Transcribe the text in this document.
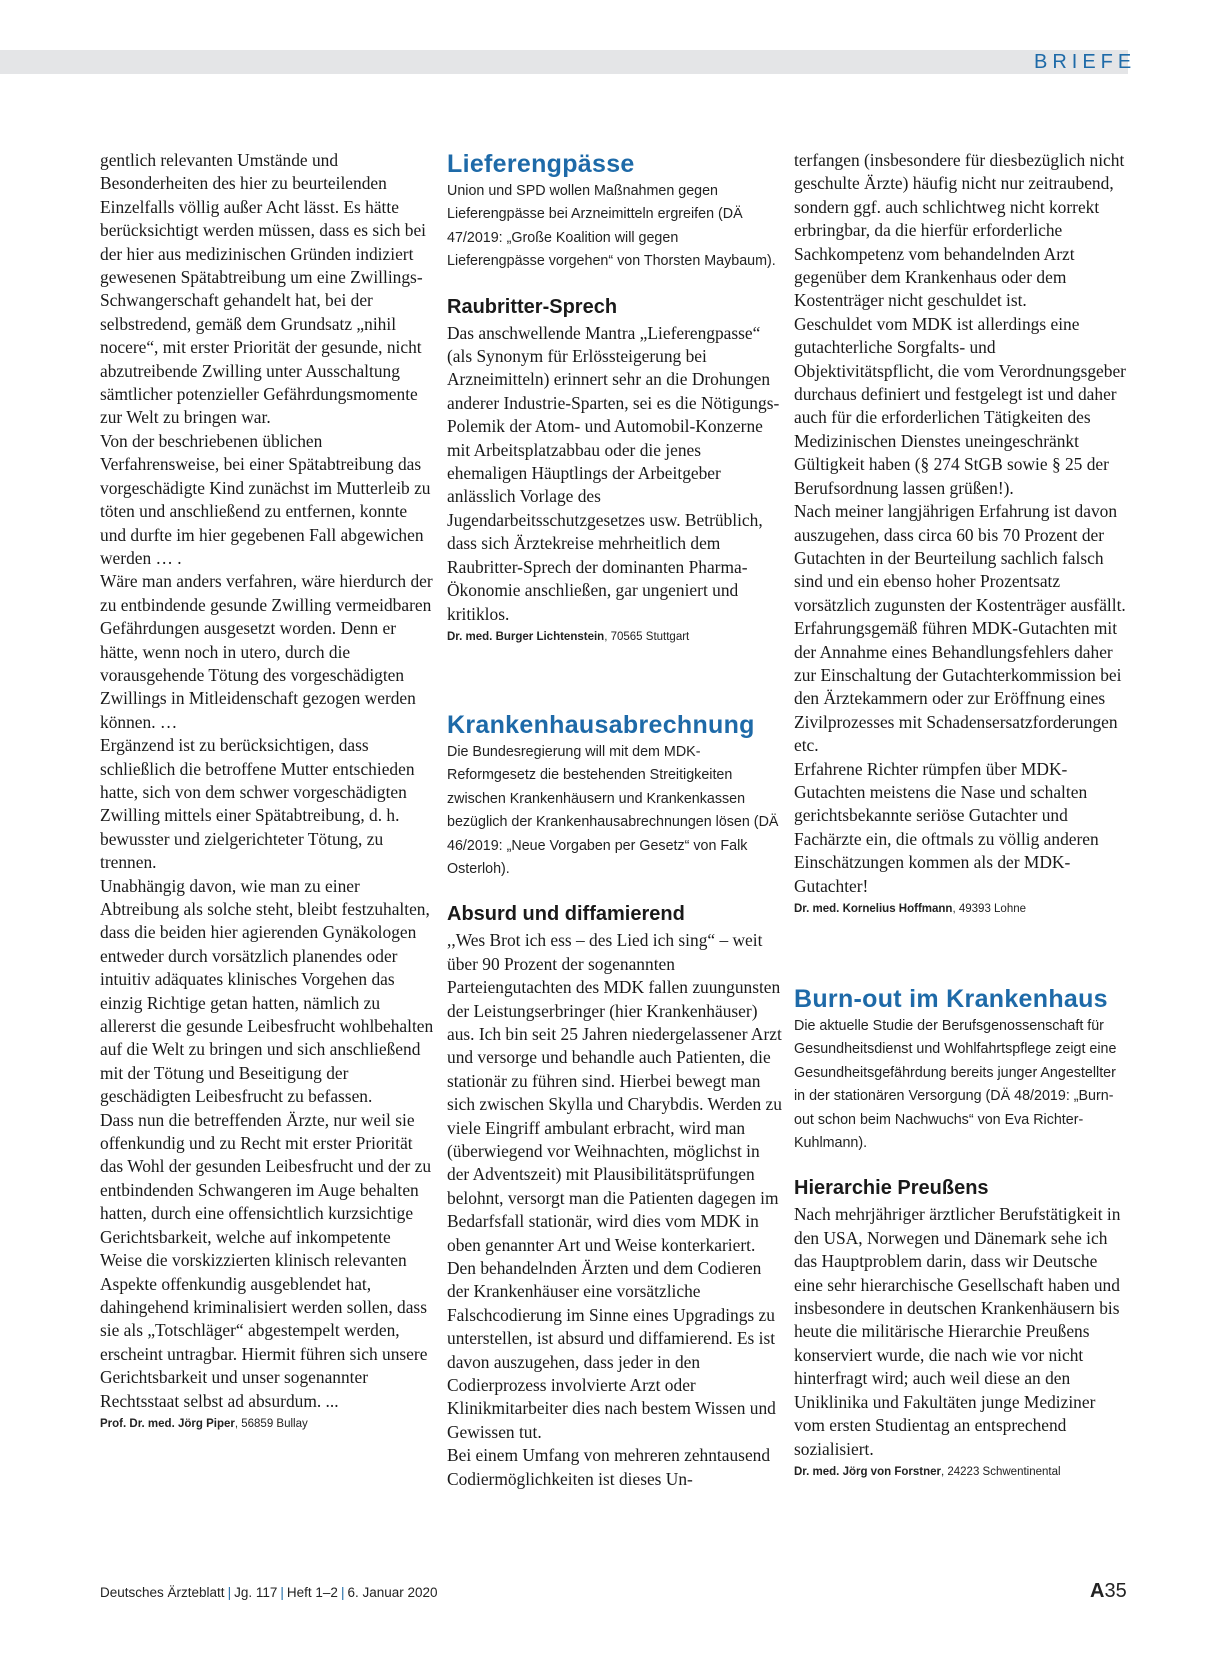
BRIEFE
gentlich relevanten Umstände und Besonderheiten des hier zu beurteilenden Einzelfalls völlig außer Acht lässt. Es hätte berücksichtigt werden müssen, dass es sich bei der hier aus medizinischen Gründen indiziert gewesenen Spätabtreibung um eine Zwillings-Schwangerschaft gehandelt hat, bei der selbstredend, gemäß dem Grundsatz „nihil nocere“, mit erster Priorität der gesunde, nicht abzutreibende Zwilling unter Ausschaltung sämtlicher potenzieller Gefährdungsmomente zur Welt zu bringen war.
Von der beschriebenen üblichen Verfahrensweise, bei einer Spätabtreibung das vorgeschädigte Kind zunächst im Mutterleib zu töten und anschließend zu entfernen, konnte und durfte im hier gegebenen Fall abgewichen werden … .
Wäre man anders verfahren, wäre hierdurch der zu entbindende gesunde Zwilling vermeidbaren Gefährdungen ausgesetzt worden. Denn er hätte, wenn noch in utero, durch die vorausgehende Tötung des vorgeschädigten Zwillings in Mitleidenschaft gezogen werden können. …
Ergänzend ist zu berücksichtigen, dass schließlich die betroffene Mutter entschieden hatte, sich von dem schwer vorgeschädigten Zwilling mittels einer Spätabtreibung, d. h. bewusster und zielgerichteter Tötung, zu trennen.
Unabhängig davon, wie man zu einer Abtreibung als solche steht, bleibt festzuhalten, dass die beiden hier agierenden Gynäkologen entweder durch vorsätzlich planendes oder intuitiv adäquates klinisches Vorgehen das einzig Richtige getan hatten, nämlich zu allererst die gesunde Leibesfrucht wohlbehalten auf die Welt zu bringen und sich anschließend mit der Tötung und Beseitigung der geschädigten Leibesfrucht zu befassen.
Dass nun die betreffenden Ärzte, nur weil sie offenkundig und zu Recht mit erster Priorität das Wohl der gesunden Leibesfrucht und der zu entbindenden Schwangeren im Auge behalten hatten, durch eine offensichtlich kurzsichtige Gerichtsbarkeit, welche auf inkompetente Weise die vorskizzierten klinisch relevanten Aspekte offenkundig ausgeblendet hat, dahingehend kriminalisiert werden sollen, dass sie als „Totschläger“ abgestempelt werden, erscheint untragbar. Hiermit führen sich unsere Gerichtsbarkeit und unser sogenannter Rechtsstaat selbst ad absurdum. ...

Prof. Dr. med. Jörg Piper, 56859 Bullay

Lieferengpässe

Union und SPD wollen Maßnahmen gegen Lieferengpässe bei Arzneimitteln ergreifen (DÄ 47/2019: „Große Koalition will gegen Lieferengpässe vorgehen“ von Thorsten Maybaum).

Raubritter-Sprech
Das anschwellende Mantra „Lieferengpasse“ (als Synonym für Erlössteigerung bei Arzneimitteln) erinnert sehr an die Drohungen anderer Industrie-Sparten, sei es die Nötigungs-Polemik der Atom- und Automobil-Konzerne mit Arbeitsplatzabbau oder die jenes ehemaligen Häuptlings der Arbeitgeber anlässlich Vorlage des Jugendarbeitsschutzgesetzes usw. Betrüblich, dass sich Ärztekreise mehrheitlich dem Raubritter-Sprech der dominanten Pharma-Ökonomie anschließen, gar ungeniert und kritiklos.

Dr. med. Burger Lichtenstein, 70565 Stuttgart

Krankenhausabrechnung

Die Bundesregierung will mit dem MDK-Reformgesetz die bestehenden Streitigkeiten zwischen Krankenhäusern und Krankenkassen bezüglich der Krankenhausabrechnungen lösen (DÄ 46/2019: „Neue Vorgaben per Gesetz“ von Falk Osterloh).

Absurd und diffamierend
,,Wes Brot ich ess – des Lied ich sing“ – weit über 90 Prozent der sogenannten Parteiengutachten des MDK fallen zuungunsten der Leistungserbringer (hier Krankenhäuser) aus. Ich bin seit 25 Jahren niedergelassener Arzt und versorge und behandle auch Patienten, die stationär zu führen sind. Hierbei bewegt man sich zwischen Skylla und Charybdis. Werden zu viele Eingriff ambulant erbracht, wird man (überwiegend vor Weihnachten, möglichst in der Adventszeit) mit Plausibilitätsprüfungen belohnt, versorgt man die Patienten dagegen im Bedarfsfall stationär, wird dies vom MDK in oben genannter Art und Weise konterkariert.
Den behandelnden Ärzten und dem Codieren der Krankenhäuser eine vorsätzliche Falschcodierung im Sinne eines Upgradings zu unterstellen, ist absurd und diffamierend. Es ist davon auszugehen, dass jeder in den Codierprozess involvierte Arzt oder Klinikmitarbeiter dies nach bestem Wissen und Gewissen tut.
Bei einem Umfang von mehreren zehntausend Codiermöglichkeiten ist dieses Un-
terfangen (insbesondere für diesbezüglich nicht geschulte Ärzte) häufig nicht nur zeitraubend, sondern ggf. auch schlichtweg nicht korrekt erbringbar, da die hierfür erforderliche Sachkompetenz vom behandelnden Arzt gegenüber dem Krankenhaus oder dem Kostenträger nicht geschuldet ist.
Geschuldet vom MDK ist allerdings eine gutachterliche Sorgfalts- und Objektivitätspflicht, die vom Verordnungsgeber durchaus definiert und festgelegt ist und daher auch für die erforderlichen Tätigkeiten des Medizinischen Dienstes uneingeschränkt Gültigkeit haben (§ 274 StGB sowie § 25 der Berufsordnung lassen grüßen!).
Nach meiner langjährigen Erfahrung ist davon auszugehen, dass circa 60 bis 70 Prozent der Gutachten in der Beurteilung sachlich falsch sind und ein ebenso hoher Prozentsatz vorsätzlich zugunsten der Kostenträger ausfällt.
Erfahrungsgemäß führen MDK-Gutachten mit der Annahme eines Behandlungsfehlers daher zur Einschaltung der Gutachterkommission bei den Ärztekammern oder zur Eröffnung eines Zivilprozesses mit Schadensersatzforderungen etc.
Erfahrene Richter rümpfen über MDK-Gutachten meistens die Nase und schalten gerichtsbekannte seriöse Gutachter und Fachärzte ein, die oftmals zu völlig anderen Einschätzungen kommen als der MDK-Gutachter!

Dr. med. Kornelius Hoffmann, 49393 Lohne

Burn-out im Krankenhaus

Die aktuelle Studie der Berufsgenossenschaft für Gesundheitsdienst und Wohlfahrtspflege zeigt eine Gesundheitsgefährdung bereits junger Angestellter in der stationären Versorgung (DÄ 48/2019: „Burn-out schon beim Nachwuchs“ von Eva Richter-Kuhlmann).

Hierarchie Preußens
Nach mehrjähriger ärztlicher Berufstätigkeit in den USA, Norwegen und Dänemark sehe ich das Hauptproblem darin, dass wir Deutsche eine sehr hierarchische Gesellschaft haben und insbesondere in deutschen Krankenhäusern bis heute die militärische Hierarchie Preußens konserviert wurde, die nach wie vor nicht hinterfragt wird; auch weil diese an den Uniklinika und Fakultäten junge Mediziner vom ersten Studientag an entsprechend sozialisiert.

Dr. med. Jörg von Forstner, 24223 Schwentinental

Deutsches Ärzteblatt | Jg. 117 | Heft 1–2 | 6. Januar 2020	A35
